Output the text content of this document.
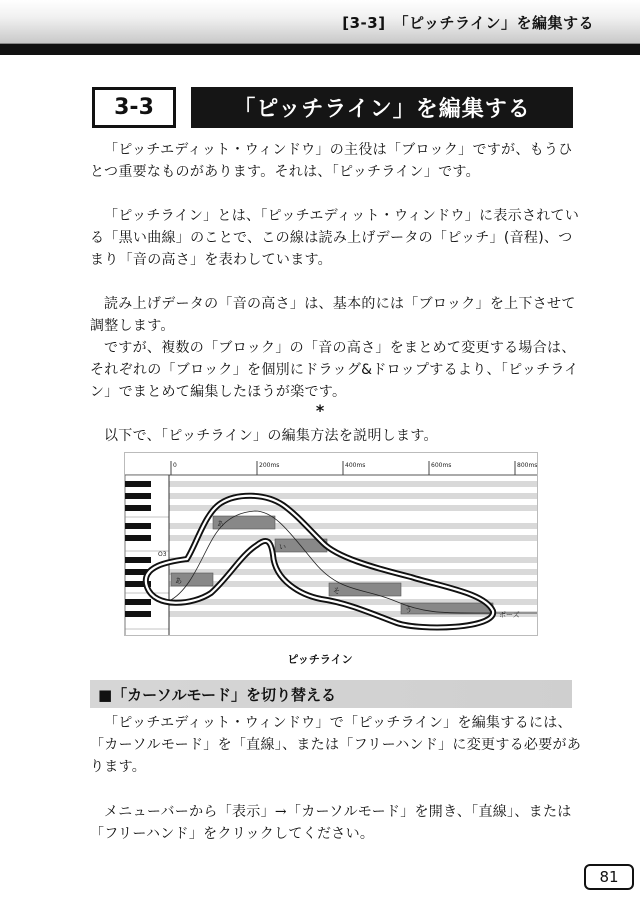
[3-3]　「ピッチライン」を編集する
3-3	「ピッチライン」を編集する
「ピッチエディット・ウィンドウ」の主役は「ブロック」ですが、もうひとつ重要なものがあります。それは、「ピッチライン」です。
「ピッチライン」とは、「ピッチエディット・ウィンドウ」に表示されている「黒い曲線」のことで、この線は読み上げデータの「ピッチ」(音程)、つまり「音の高さ」を表わしています。
読み上げデータの「音の高さ」は、基本的には「ブロック」を上下させて調整します。
ですが、複数の「ブロック」の「音の高さ」をまとめて変更する場合は、それぞれの「ブロック」を個別にドラッグ&ドロップするより、「ピッチライン」でまとめて編集したほうが楽です。
*
以下で、「ピッチライン」の編集方法を説明します。
0	200ms	400ms	600ms	800ms
O3
あ
あ
い
そ
う
ポーズ
ピッチライン
■「カーソルモード」を切り替える
「ピッチエディット・ウィンドウ」で「ピッチライン」を編集するには、「カーソルモード」を「直線」、または「フリーハンド」に変更する必要があります。
メニューバーから「表示」→「カーソルモード」を開き、「直線」、または「フリーハンド」をクリックしてください。
81
